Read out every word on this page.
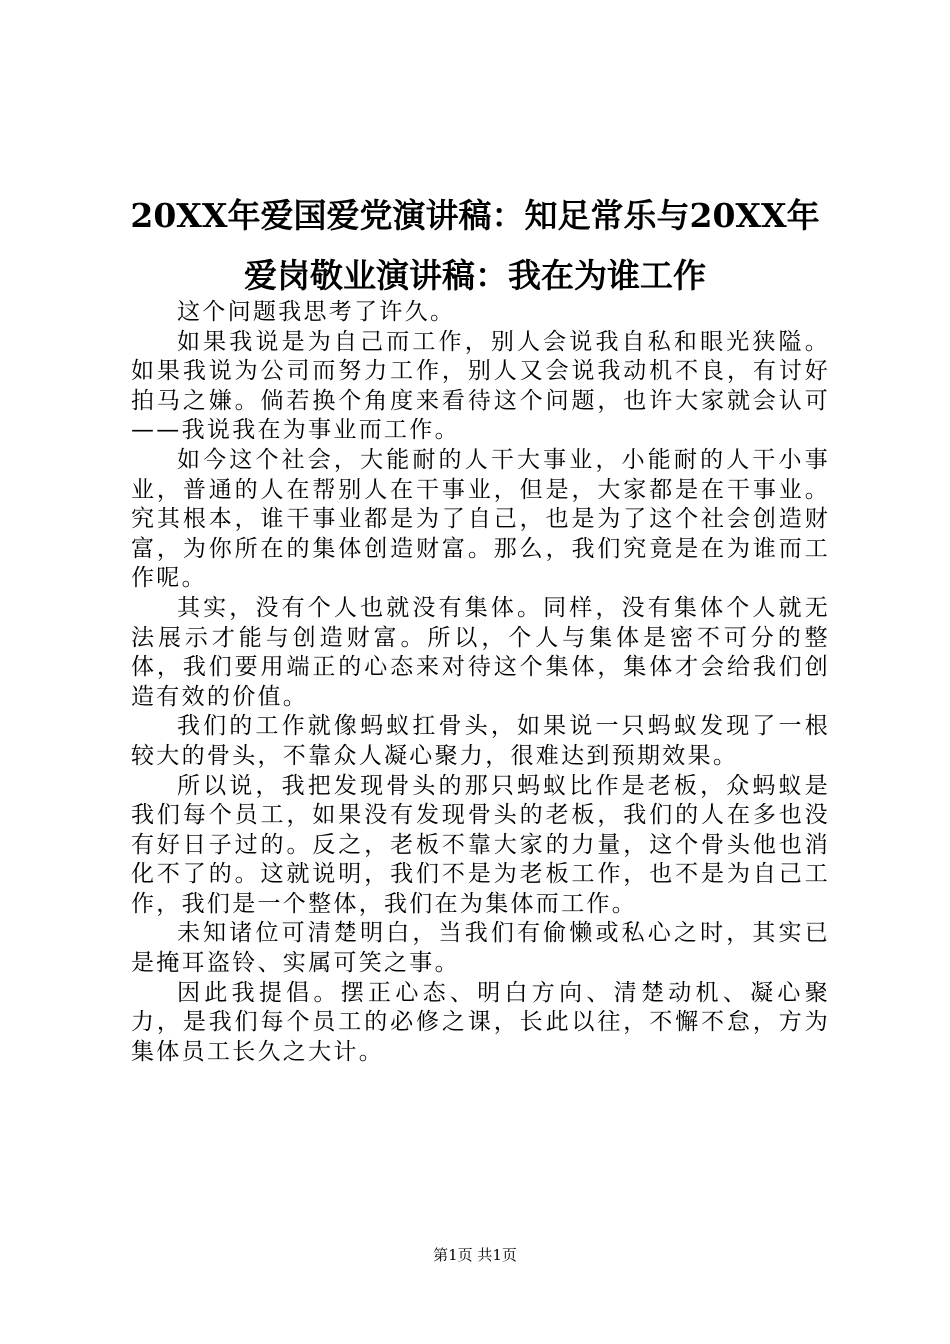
20XX年爱国爱党演讲稿：知足常乐与20XX年
爱岗敬业演讲稿：我在为谁工作

这个问题我思考了许久。

如果我说是为自己而工作，别人会说我自私和眼光狭隘。如果我说为公司而努力工作，别人又会说我动机不良，有讨好拍马之嫌。倘若换个角度来看待这个问题，也许大家就会认可——我说我在为事业而工作。

如今这个社会，大能耐的人干大事业，小能耐的人干小事业，普通的人在帮别人在干事业，但是，大家都是在干事业。究其根本，谁干事业都是为了自己，也是为了这个社会创造财富，为你所在的集体创造财富。那么，我们究竟是在为谁而工作呢。

其实，没有个人也就没有集体。同样，没有集体个人就无法展示才能与创造财富。所以，个人与集体是密不可分的整体，我们要用端正的心态来对待这个集体，集体才会给我们创造有效的价值。

我们的工作就像蚂蚁扛骨头，如果说一只蚂蚁发现了一根较大的骨头，不靠众人凝心聚力，很难达到预期效果。

所以说，我把发现骨头的那只蚂蚁比作是老板，众蚂蚁是我们每个员工，如果没有发现骨头的老板，我们的人在多也没有好日子过的。反之，老板不靠大家的力量，这个骨头他也消化不了的。这就说明，我们不是为老板工作，也不是为自己工作，我们是一个整体，我们在为集体而工作。

未知诸位可清楚明白，当我们有偷懒或私心之时，其实已是掩耳盗铃、实属可笑之事。

因此我提倡。摆正心态、明白方向、清楚动机、凝心聚力，是我们每个员工的必修之课，长此以往，不懈不怠，方为集体员工长久之大计。

第1页 共1页
